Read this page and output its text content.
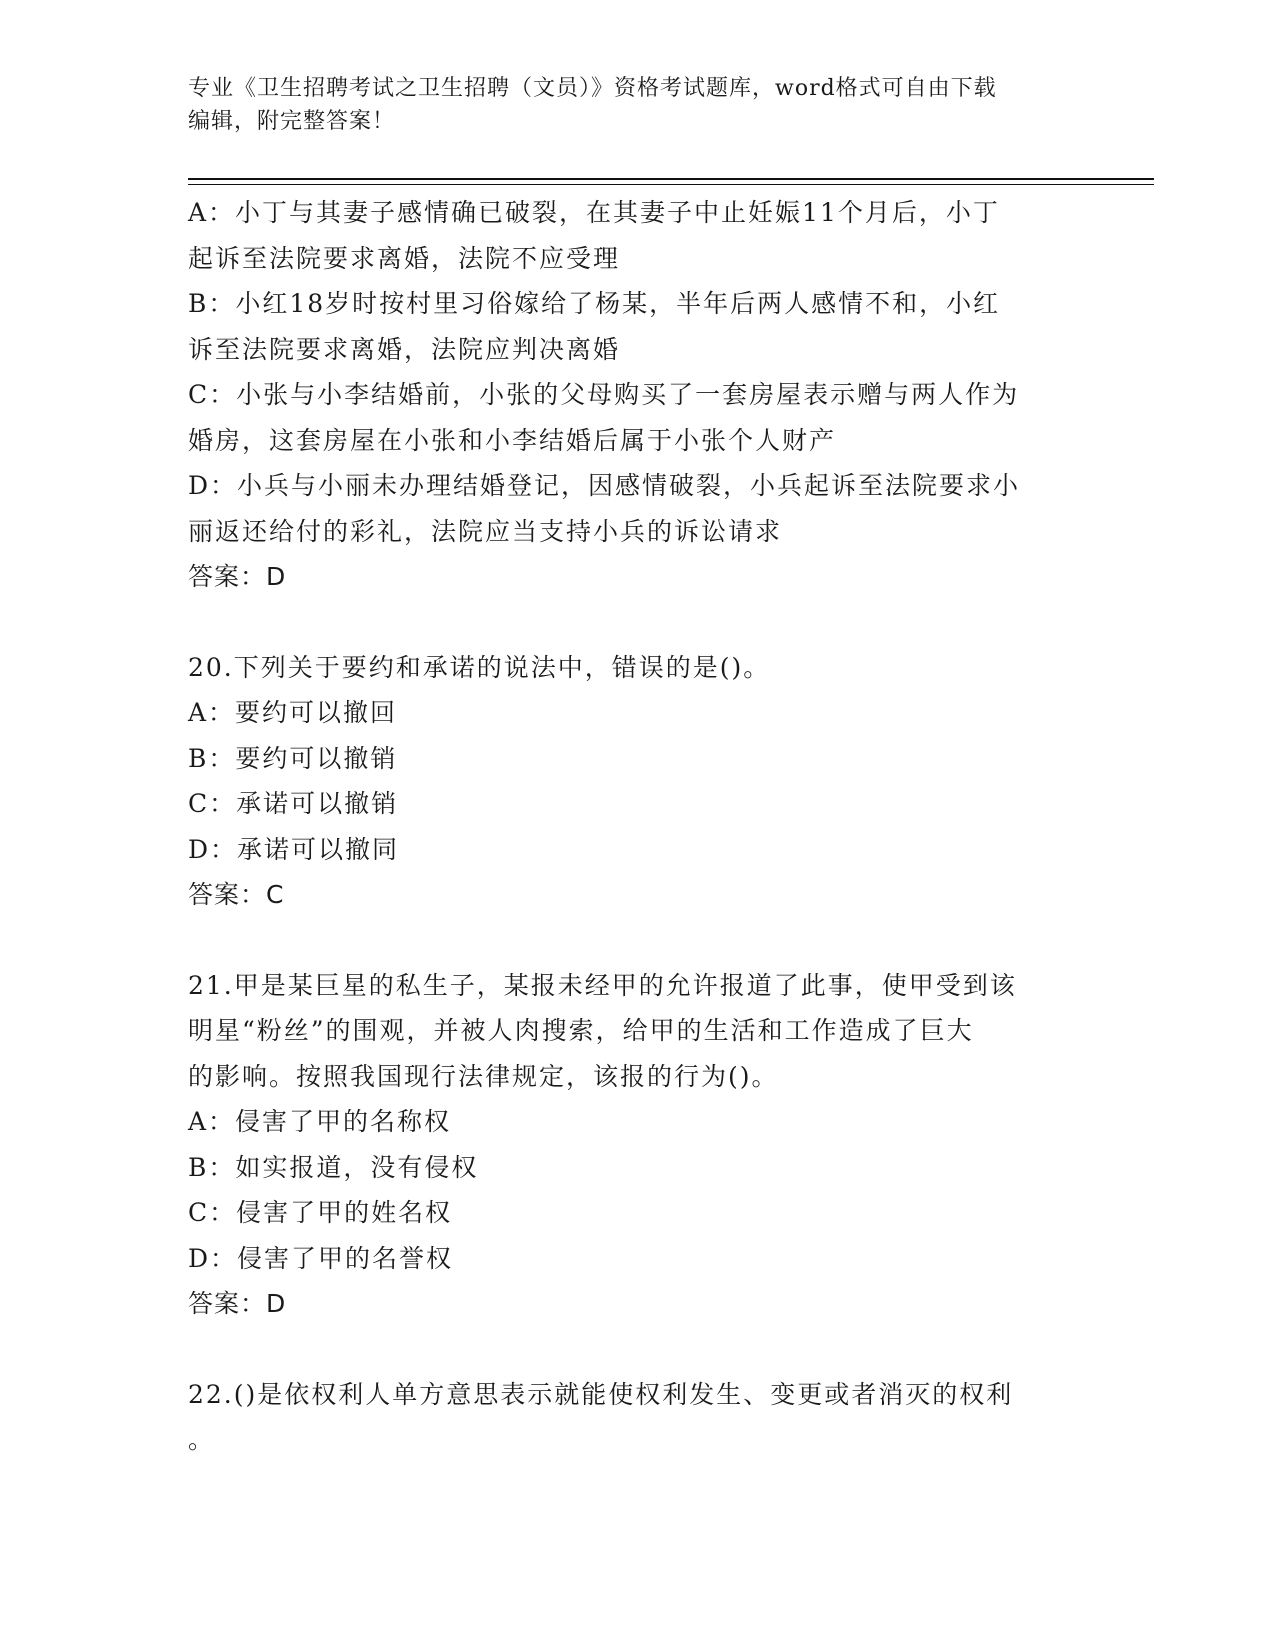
专业《卫生招聘考试之卫生招聘（文员）》资格考试题库，word格式可自由下载
编辑，附完整答案！
A：小丁与其妻子感情确已破裂，在其妻子中止妊娠11个月后，小丁
起诉至法院要求离婚，法院不应受理
B：小红18岁时按村里习俗嫁给了杨某，半年后两人感情不和，小红
诉至法院要求离婚，法院应判决离婚
C：小张与小李结婚前，小张的父母购买了一套房屋表示赠与两人作为
婚房，这套房屋在小张和小李结婚后属于小张个人财产
D：小兵与小丽未办理结婚登记，因感情破裂，小兵起诉至法院要求小
丽返还给付的彩礼，法院应当支持小兵的诉讼请求
答案：D
20.下列关于要约和承诺的说法中，错误的是()。
A：要约可以撤回
B：要约可以撤销
C：承诺可以撤销
D：承诺可以撤同
答案：C
21.甲是某巨星的私生子，某报未经甲的允许报道了此事，使甲受到该
明星“粉丝”的围观，并被人肉搜索，给甲的生活和工作造成了巨大
的影响。按照我国现行法律规定，该报的行为()。
A：侵害了甲的名称权
B：如实报道，没有侵权
C：侵害了甲的姓名权
D：侵害了甲的名誉权
答案：D
22.()是依权利人单方意思表示就能使权利发生、变更或者消灭的权利
。
